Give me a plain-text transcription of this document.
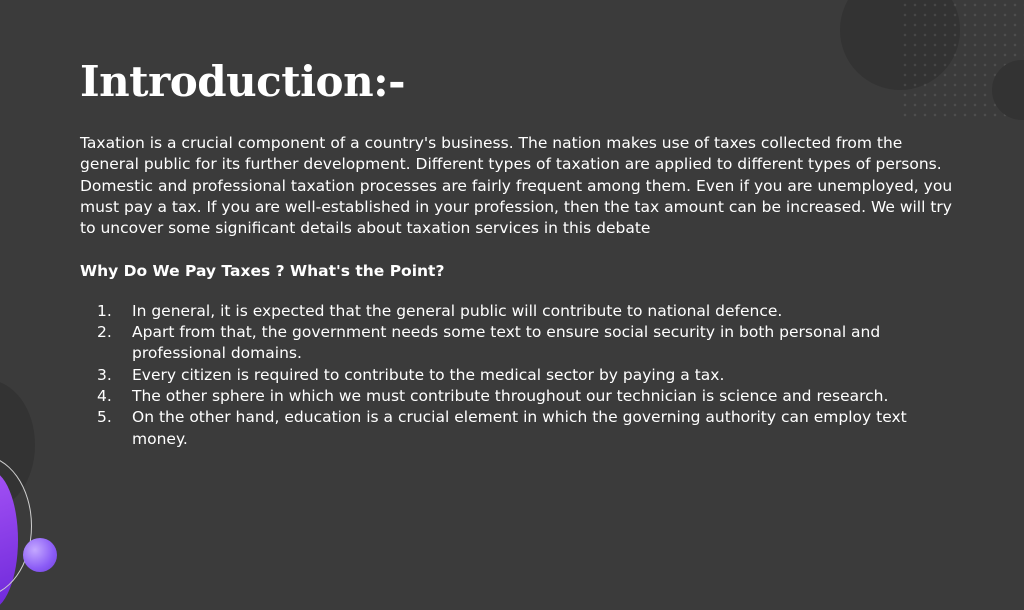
Introduction:-

Taxation is a crucial component of a country's business. The nation makes use of taxes collected from the general public for its further development. Different types of taxation are applied to different types of persons. Domestic and professional taxation processes are fairly frequent among them. Even if you are unemployed, you must pay a tax. If you are well-established in your profession, then the tax amount can be increased. We will try to uncover some significant details about taxation services in this debate

Why Do We Pay Taxes ? What's the Point?

1.	In general, it is expected that the general public will contribute to national defence.
2.	Apart from that, the government needs some text to ensure social security in both personal and professional domains.
3.	Every citizen is required to contribute to the medical sector by paying a tax.
4.	The other sphere in which we must contribute throughout our technician is science and research.
5.	On the other hand, education is a crucial element in which the governing authority can employ text money.
